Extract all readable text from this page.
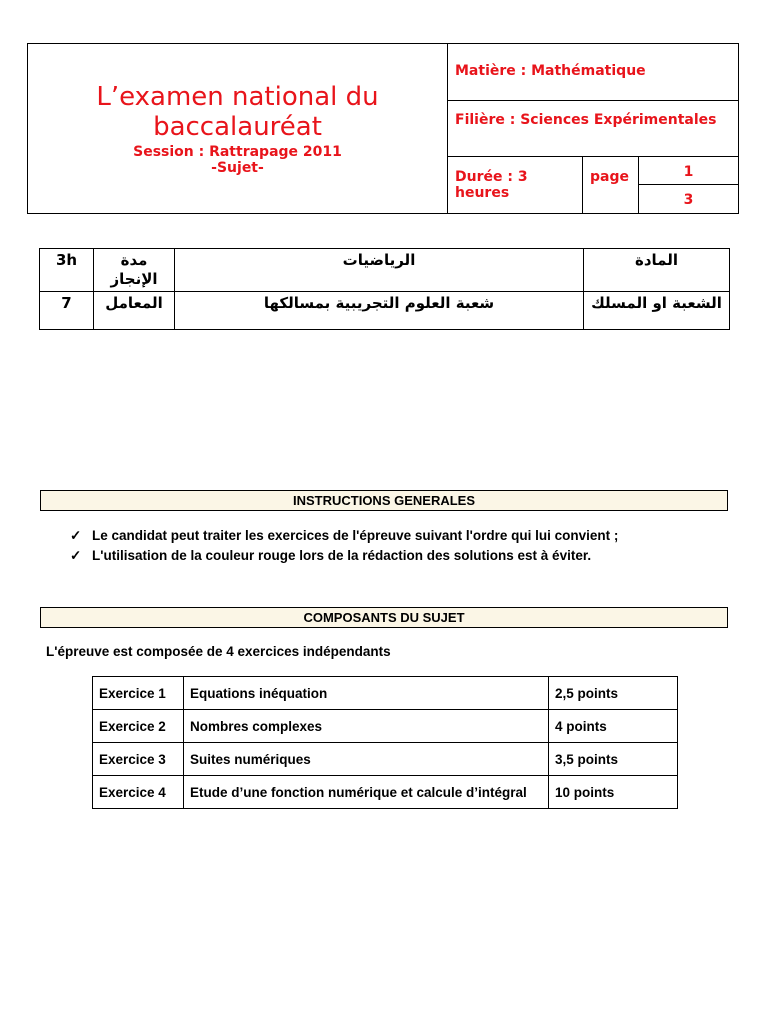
L’examen national du
baccalauréat
Session : Rattrapage 2011
-Sujet-
Matière : Mathématique
Filière : Sciences Expérimentales
Durée : 3 heures
page	1
3
3h	مدة الإنجاز	الرياضيات	المادة
7	المعامل	شعبة العلوم التجريبية بمسالكها	الشعبة او المسلك
INSTRUCTIONS GENERALES
✓ Le candidat peut traiter les exercices de l'épreuve suivant l'ordre qui lui convient ;
✓ L'utilisation de la couleur rouge lors de la rédaction des solutions est à éviter.
COMPOSANTS DU SUJET
L'épreuve est composée de 4 exercices indépendants
Exercice 1	Equations inéquation	2,5 points
Exercice 2	Nombres complexes	4 points
Exercice 3	Suites numériques	3,5 points
Exercice 4	Etude d’une fonction numérique et calcule d’intégral	10 points
